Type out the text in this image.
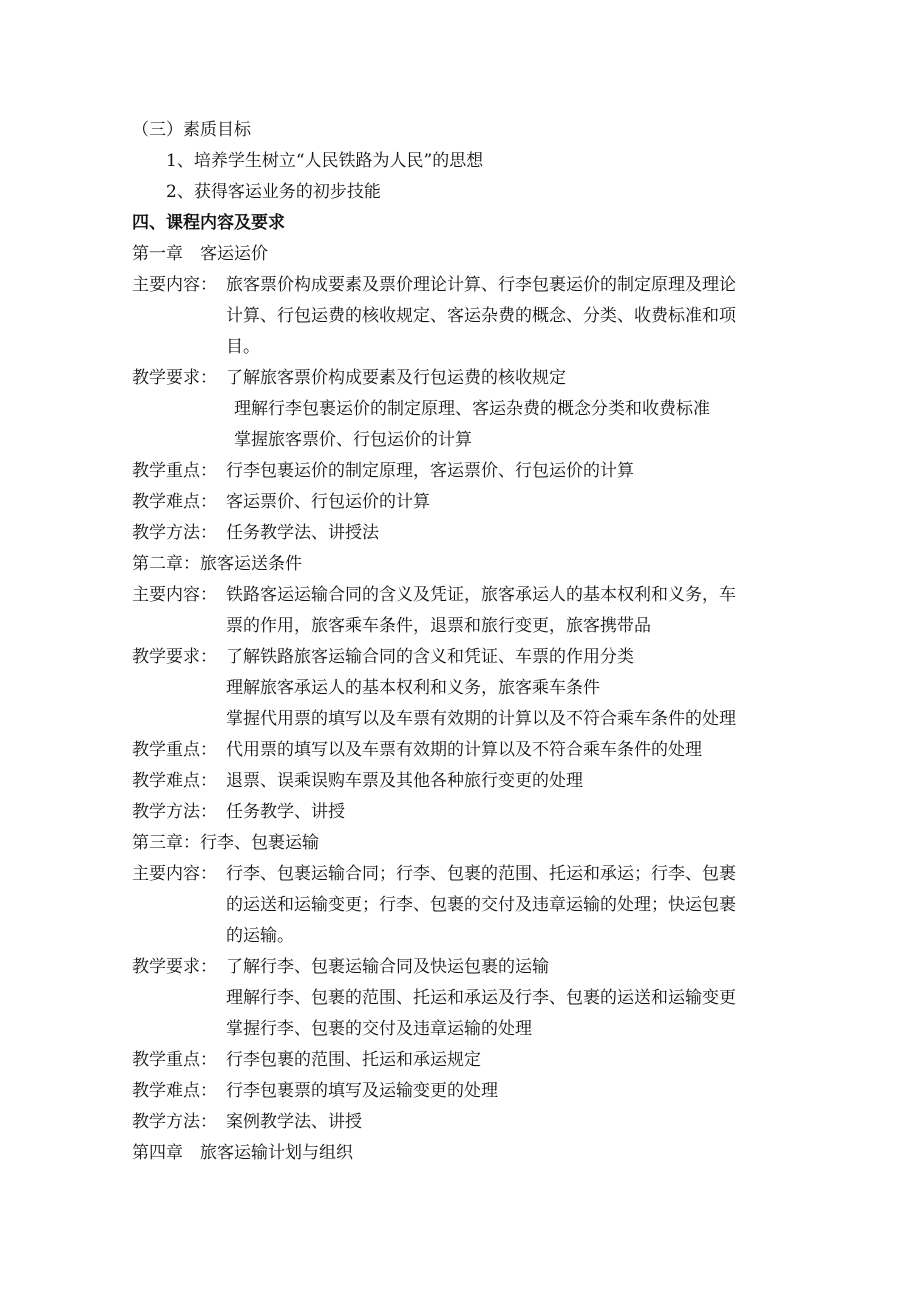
（三）素质目标
1、培养学生树立“人民铁路为人民”的思想
2、获得客运业务的初步技能
四、课程内容及要求
第一章　客运运价
主要内容： 旅客票价构成要素及票价理论计算、行李包裹运价的制定原理及理论
计算、行包运费的核收规定、客运杂费的概念、分类、收费标准和项
目。
教学要求： 了解旅客票价构成要素及行包运费的核收规定
理解行李包裹运价的制定原理、客运杂费的概念分类和收费标准
掌握旅客票价、行包运价的计算
教学重点： 行李包裹运价的制定原理，客运票价、行包运价的计算
教学难点： 客运票价、行包运价的计算
教学方法： 任务教学法、讲授法
第二章：旅客运送条件
主要内容： 铁路客运运输合同的含义及凭证，旅客承运人的基本权利和义务，车
票的作用，旅客乘车条件，退票和旅行变更，旅客携带品
教学要求： 了解铁路旅客运输合同的含义和凭证、车票的作用分类
理解旅客承运人的基本权利和义务，旅客乘车条件
掌握代用票的填写以及车票有效期的计算以及不符合乘车条件的处理
教学重点： 代用票的填写以及车票有效期的计算以及不符合乘车条件的处理
教学难点： 退票、误乘误购车票及其他各种旅行变更的处理
教学方法： 任务教学、讲授
第三章：行李、包裹运输
主要内容： 行李、包裹运输合同；行李、包裹的范围、托运和承运；行李、包裹
的运送和运输变更；行李、包裹的交付及违章运输的处理；快运包裹
的运输。
教学要求： 了解行李、包裹运输合同及快运包裹的运输
理解行李、包裹的范围、托运和承运及行李、包裹的运送和运输变更
掌握行李、包裹的交付及违章运输的处理
教学重点： 行李包裹的范围、托运和承运规定
教学难点： 行李包裹票的填写及运输变更的处理
教学方法： 案例教学法、讲授
第四章　旅客运输计划与组织
